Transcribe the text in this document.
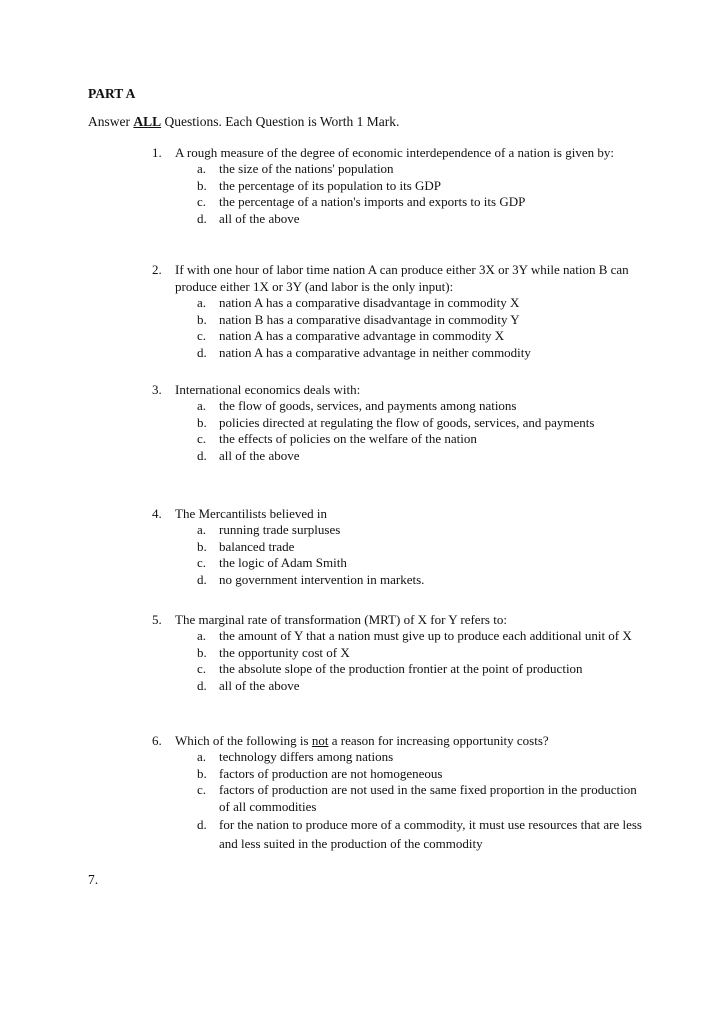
PART A

Answer ALL Questions. Each Question is Worth 1 Mark.

1. A rough measure of the degree of economic interdependence of a nation is given by:
a. the size of the nations' population
b. the percentage of its population to its GDP
c. the percentage of a nation's imports and exports to its GDP
d. all of the above
2. If with one hour of labor time nation A can produce either 3X or 3Y while nation B can produce either 1X or 3Y (and labor is the only input):
a. nation A has a comparative disadvantage in commodity X
b. nation B has a comparative disadvantage in commodity Y
c. nation A has a comparative advantage in commodity X
d. nation A has a comparative advantage in neither commodity
3. International economics deals with:
a. the flow of goods, services, and payments among nations
b. policies directed at regulating the flow of goods, services, and payments
c. the effects of policies on the welfare of the nation
d. all of the above
4. The Mercantilists believed in
a. running trade surpluses
b. balanced trade
c. the logic of Adam Smith
d. no government intervention in markets.
5. The marginal rate of transformation (MRT) of X for Y refers to:
a. the amount of Y that a nation must give up to produce each additional unit of X
b. the opportunity cost of X
c. the absolute slope of the production frontier at the point of production
d. all of the above
6. Which of the following is not a reason for increasing opportunity costs?
a. technology differs among nations
b. factors of production are not homogeneous
c. factors of production are not used in the same fixed proportion in the production of all commodities
d. for the nation to produce more of a commodity, it must use resources that are less and less suited in the production of the commodity
7.
